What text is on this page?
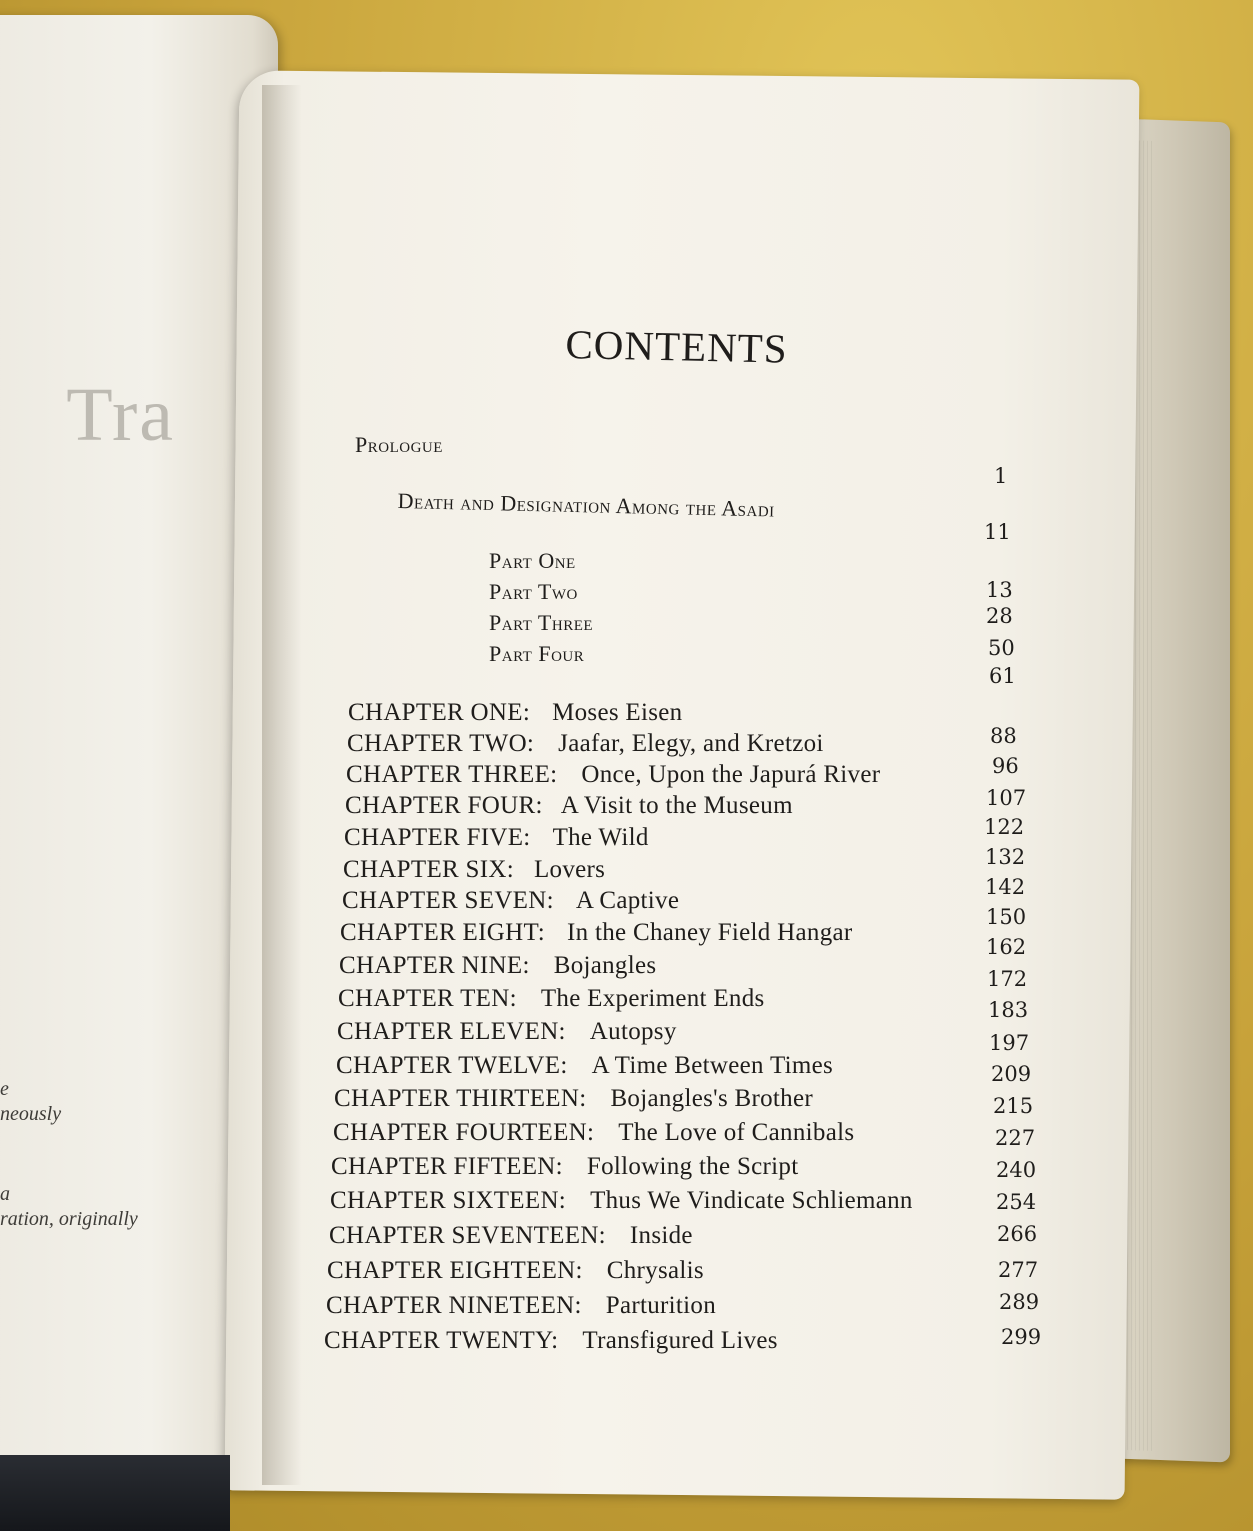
Tra
e
neously
a
ration, originally
CONTENTS
Prologue
1
Death and Designation Among the Asadi
11
Part One
Part Two
Part Three
Part Four
13
28
50
61
CHAPTER ONE: Moses Eisen
CHAPTER TWO: Jaafar, Elegy, and Kretzoi
CHAPTER THREE: Once, Upon the Japurá River
CHAPTER FOUR: A Visit to the Museum
CHAPTER FIVE: The Wild
CHAPTER SIX: Lovers
CHAPTER SEVEN: A Captive
CHAPTER EIGHT: In the Chaney Field Hangar
CHAPTER NINE: Bojangles
CHAPTER TEN: The Experiment Ends
CHAPTER ELEVEN: Autopsy
CHAPTER TWELVE: A Time Between Times
CHAPTER THIRTEEN: Bojangles's Brother
CHAPTER FOURTEEN: The Love of Cannibals
CHAPTER FIFTEEN: Following the Script
CHAPTER SIXTEEN: Thus We Vindicate Schliemann
CHAPTER SEVENTEEN: Inside
CHAPTER EIGHTEEN: Chrysalis
CHAPTER NINETEEN: Parturition
CHAPTER TWENTY: Transfigured Lives
88
96
107
122
132
142
150
162
172
183
197
209
215
227
240
254
266
277
289
299
